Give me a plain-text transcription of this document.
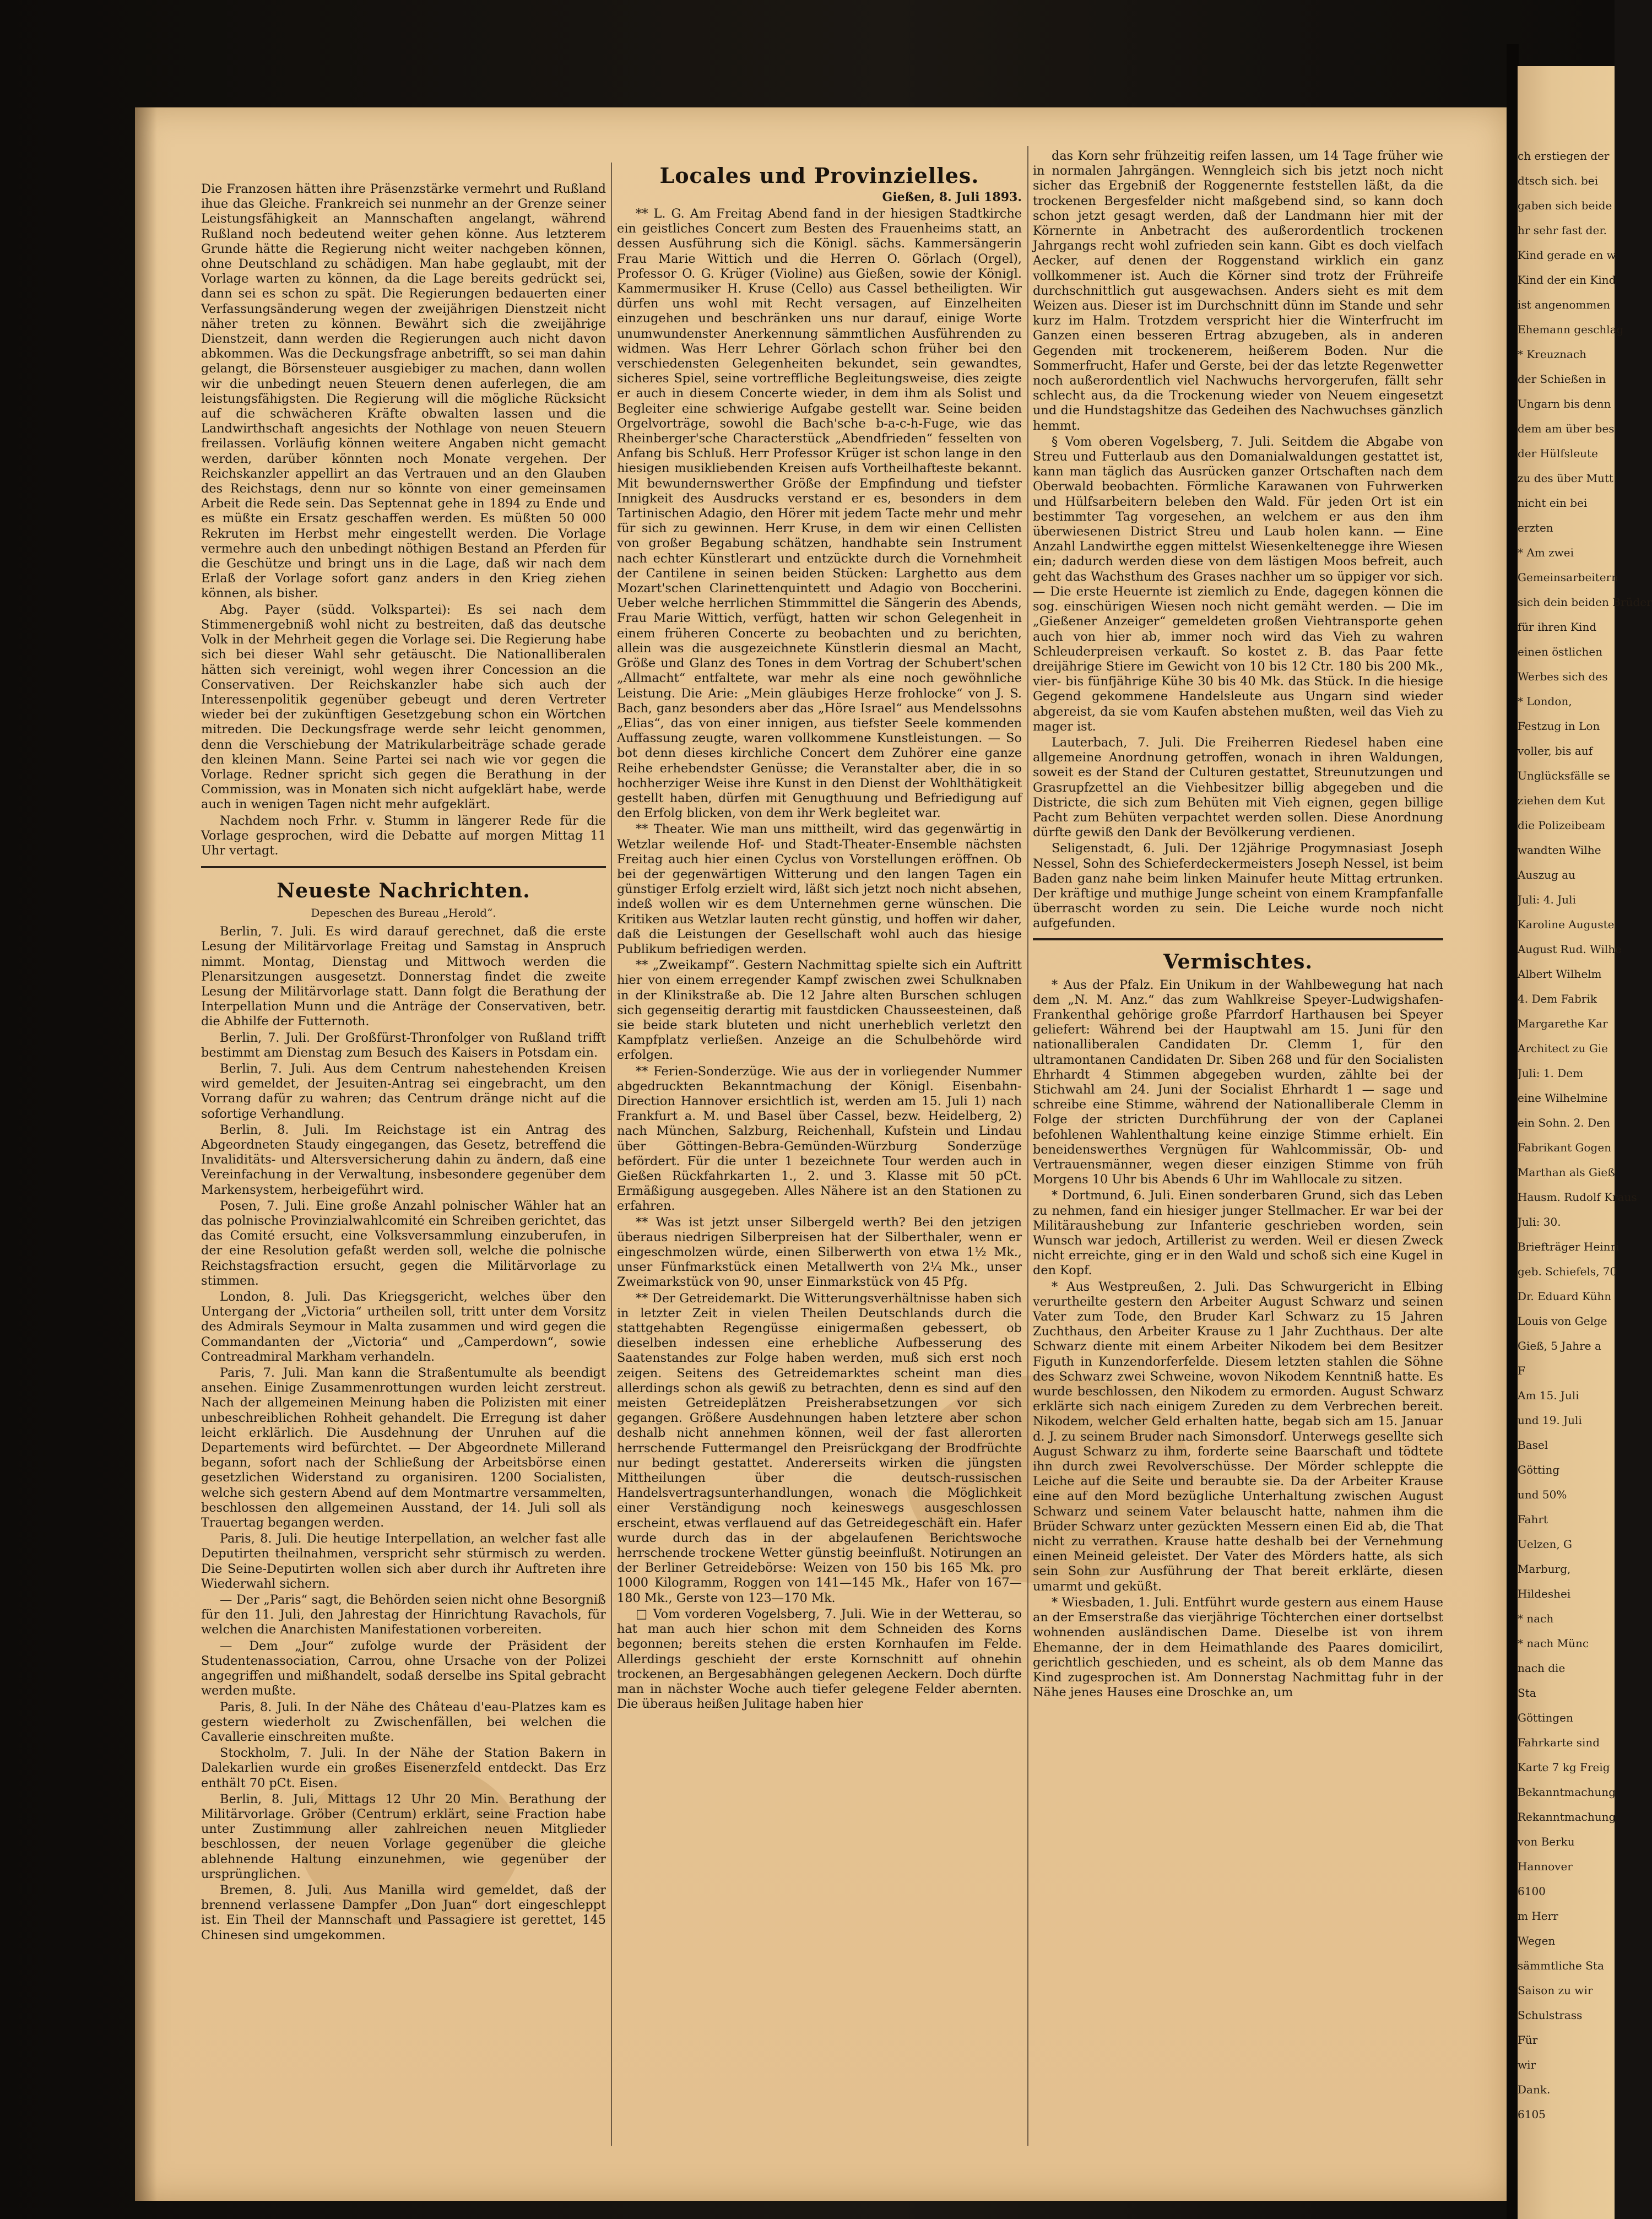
ch erstiegen der
dtsch sich. bei
gaben sich beide
hr sehr fast der.
Kind gerade en w
Kind der ein Kind
ist angenommen
Ehemann geschlag
* Kreuznach
der Schießen in
Ungarn bis denn
dem am über bes
der Hülfsleute
zu des über Mutt
nicht ein bei
erzten
* Am zwei
Gemeinsarbeitern
sich dein beiden Brüder
für ihren Kind
einen östlichen
Werbes sich des
* London,
Festzug in Lon
voller, bis auf
Unglücksfälle se
ziehen dem Kut
die Polizeibeam
wandten Wilhe
Auszug au
Juli: 4. Juli
Karoline Auguste
August Rud. Wilhe
Albert Wilhelm
4. Dem Fabrik
Margarethe Kar
Architect zu Gie
Juli: 1. Dem
eine Wilhelmine
ein Sohn. 2. Den
Fabrikant Gogen
Marthan als Gieß
Hausm. Rudolf Kraus
Juli: 30.
Briefträger Heinri
geb. Schiefels, 70
Dr. Eduard Kühn
Louis von Gelge
Gieß, 5 Jahre a
F
Am 15. Juli
und 19. Juli
Basel
Götting
und 50%
Fahrt
Uelzen, G
Marburg,
Hildeshei
* nach
* nach Münc
nach die
Sta
Göttingen
Fahrkarte sind
Karte 7 kg Freig
Bekanntmachung
Rekanntmachung
von Berku
Hannover
6100
m Herr
Wegen
sämmtliche Sta
Saison zu wir
Schulstrass
Für
wir
Dank.
6105

Die Franzosen hätten ihre Präsenzstärke vermehrt und Rußland ihue das Gleiche. Frankreich sei nunmehr an der Grenze seiner Leistungsfähigkeit an Mannschaften angelangt, während Rußland noch bedeutend weiter gehen könne. Aus letzterem Grunde hätte die Regierung nicht weiter nachgeben können, ohne Deutschland zu schädigen. Man habe geglaubt, mit der Vorlage warten zu können, da die Lage bereits gedrückt sei, dann sei es schon zu spät. Die Regierungen bedauerten einer Verfassungsänderung wegen der zweijährigen Dienstzeit nicht näher treten zu können. Bewährt sich die zweijährige Dienstzeit, dann werden die Regierungen auch nicht davon abkommen. Was die Deckungsfrage anbetrifft, so sei man dahin gelangt, die Börsensteuer ausgiebiger zu machen, dann wollen wir die unbedingt neuen Steuern denen auferlegen, die am leistungsfähigsten. Die Regierung will die mögliche Rücksicht auf die schwächeren Kräfte obwalten lassen und die Landwirthschaft angesichts der Nothlage von neuen Steuern freilassen. Vorläufig können weitere Angaben nicht gemacht werden, darüber könnten noch Monate vergehen. Der Reichskanzler appellirt an das Vertrauen und an den Glauben des Reichstags, denn nur so könnte von einer gemeinsamen Arbeit die Rede sein. Das Septennat gehe in 1894 zu Ende und es müßte ein Ersatz geschaffen werden. Es müßten 50 000 Rekruten im Herbst mehr eingestellt werden. Die Vorlage vermehre auch den unbedingt nöthigen Bestand an Pferden für die Geschütze und bringt uns in die Lage, daß wir nach dem Erlaß der Vorlage sofort ganz anders in den Krieg ziehen können, als bisher.

Abg. Payer (südd. Volkspartei): Es sei nach dem Stimmenergebniß wohl nicht zu bestreiten, daß das deutsche Volk in der Mehrheit gegen die Vorlage sei. Die Regierung habe sich bei dieser Wahl sehr getäuscht. Die Nationalliberalen hätten sich vereinigt, wohl wegen ihrer Concession an die Conservativen. Der Reichskanzler habe sich auch der Interessenpolitik gegenüber gebeugt und deren Vertreter wieder bei der zukünftigen Gesetzgebung schon ein Wörtchen mitreden. Die Deckungsfrage werde sehr leicht genommen, denn die Verschiebung der Matrikularbeiträge schade gerade den kleinen Mann. Seine Partei sei nach wie vor gegen die Vorlage. Redner spricht sich gegen die Berathung in der Commission, was in Monaten sich nicht aufgeklärt habe, werde auch in wenigen Tagen nicht mehr aufgeklärt.

Nachdem noch Frhr. v. Stumm in längerer Rede für die Vorlage gesprochen, wird die Debatte auf morgen Mittag 11 Uhr vertagt.

Neueste Nachrichten.
Depeschen des Bureau „Herold“.

Berlin, 7. Juli. Es wird darauf gerechnet, daß die erste Lesung der Militärvorlage Freitag und Samstag in Anspruch nimmt. Montag, Dienstag und Mittwoch werden die Plenarsitzungen ausgesetzt. Donnerstag findet die zweite Lesung der Militärvorlage statt. Dann folgt die Berathung der Interpellation Munn und die Anträge der Conservativen, betr. die Abhilfe der Futternoth.

Berlin, 7. Juli. Der Großfürst-Thronfolger von Rußland trifft bestimmt am Dienstag zum Besuch des Kaisers in Potsdam ein.

Berlin, 7. Juli. Aus dem Centrum nahestehenden Kreisen wird gemeldet, der Jesuiten-Antrag sei eingebracht, um den Vorrang dafür zu wahren; das Centrum dränge nicht auf die sofortige Verhandlung.

Berlin, 8. Juli. Im Reichstage ist ein Antrag des Abgeordneten Staudy eingegangen, das Gesetz, betreffend die Invaliditäts- und Altersversicherung dahin zu ändern, daß eine Vereinfachung in der Verwaltung, insbesondere gegenüber dem Markensystem, herbeigeführt wird.

Posen, 7. Juli. Eine große Anzahl polnischer Wähler hat an das polnische Provinzialwahlcomité ein Schreiben gerichtet, das das Comité ersucht, eine Volksversammlung einzuberufen, in der eine Resolution gefaßt werden soll, welche die polnische Reichstagsfraction ersucht, gegen die Militärvorlage zu stimmen.

London, 8. Juli. Das Kriegsgericht, welches über den Untergang der „Victoria“ urtheilen soll, tritt unter dem Vorsitz des Admirals Seymour in Malta zusammen und wird gegen die Commandanten der „Victoria“ und „Camperdown“, sowie Contreadmiral Markham verhandeln.

Paris, 7. Juli. Man kann die Straßentumulte als beendigt ansehen. Einige Zusammenrottungen wurden leicht zerstreut. Nach der allgemeinen Meinung haben die Polizisten mit einer unbeschreiblichen Rohheit gehandelt. Die Erregung ist daher leicht erklärlich. Die Ausdehnung der Unruhen auf die Departements wird befürchtet. — Der Abgeordnete Millerand begann, sofort nach der Schließung der Arbeitsbörse einen gesetzlichen Widerstand zu organisiren. 1200 Socialisten, welche sich gestern Abend auf dem Montmartre versammelten, beschlossen den allgemeinen Ausstand, der 14. Juli soll als Trauertag begangen werden.

Paris, 8. Juli. Die heutige Interpellation, an welcher fast alle Deputirten theilnahmen, verspricht sehr stürmisch zu werden. Die Seine-Deputirten wollen sich aber durch ihr Auftreten ihre Wiederwahl sichern.

— Der „Paris“ sagt, die Behörden seien nicht ohne Besorgniß für den 11. Juli, den Jahrestag der Hinrichtung Ravachols, für welchen die Anarchisten Manifestationen vorbereiten.

— Dem „Jour“ zufolge wurde der Präsident der Studentenassociation, Carrou, ohne Ursache von der Polizei angegriffen und mißhandelt, sodaß derselbe ins Spital gebracht werden mußte.

Paris, 8. Juli. In der Nähe des Château d'eau-Platzes kam es gestern wiederholt zu Zwischenfällen, bei welchen die Cavallerie einschreiten mußte.

Stockholm, 7. Juli. In der Nähe der Station Bakern in Dalekarlien wurde ein großes Eisenerzfeld entdeckt. Das Erz enthält 70 pCt. Eisen.

Berlin, 8. Juli, Mittags 12 Uhr 20 Min. Berathung der Militärvorlage. Gröber (Centrum) erklärt, seine Fraction habe unter Zustimmung aller zahlreichen neuen Mitglieder beschlossen, der neuen Vorlage gegenüber die gleiche ablehnende Haltung einzunehmen, wie gegenüber der ursprünglichen.

Bremen, 8. Juli. Aus Manilla wird gemeldet, daß der brennend verlassene Dampfer „Don Juan“ dort eingeschleppt ist. Ein Theil der Mannschaft und Passagiere ist gerettet, 145 Chinesen sind umgekommen.

Locales und Provinzielles.
Gießen, 8. Juli 1893.

** L. G. Am Freitag Abend fand in der hiesigen Stadtkirche ein geistliches Concert zum Besten des Frauenheims statt, an dessen Ausführung sich die Königl. sächs. Kammersängerin Frau Marie Wittich und die Herren O. Görlach (Orgel), Professor O. G. Krüger (Violine) aus Gießen, sowie der Königl. Kammermusiker H. Kruse (Cello) aus Cassel betheiligten. Wir dürfen uns wohl mit Recht versagen, auf Einzelheiten einzugehen und beschränken uns nur darauf, einige Worte unumwundenster Anerkennung sämmtlichen Ausführenden zu widmen. Was Herr Lehrer Görlach schon früher bei den verschiedensten Gelegenheiten bekundet, sein gewandtes, sicheres Spiel, seine vortreffliche Begleitungsweise, dies zeigte er auch in diesem Concerte wieder, in dem ihm als Solist und Begleiter eine schwierige Aufgabe gestellt war. Seine beiden Orgelvorträge, sowohl die Bach'sche b-a-c-h-Fuge, wie das Rheinberger'sche Characterstück „Abendfrieden“ fesselten von Anfang bis Schluß. Herr Professor Krüger ist schon lange in den hiesigen musikliebenden Kreisen aufs Vortheilhafteste bekannt. Mit bewundernswerther Größe der Empfindung und tiefster Innigkeit des Ausdrucks verstand er es, besonders in dem Tartinischen Adagio, den Hörer mit jedem Tacte mehr und mehr für sich zu gewinnen. Herr Kruse, in dem wir einen Cellisten von großer Begabung schätzen, handhabte sein Instrument nach echter Künstlerart und entzückte durch die Vornehmheit der Cantilene in seinen beiden Stücken: Larghetto aus dem Mozart'schen Clarinettenquintett und Adagio von Boccherini. Ueber welche herrlichen Stimmmittel die Sängerin des Abends, Frau Marie Wittich, verfügt, hatten wir schon Gelegenheit in einem früheren Concerte zu beobachten und zu berichten, allein was die ausgezeichnete Künstlerin diesmal an Macht, Größe und Glanz des Tones in dem Vortrag der Schubert'schen „Allmacht“ entfaltete, war mehr als eine noch gewöhnliche Leistung. Die Arie: „Mein gläubiges Herze frohlocke“ von J. S. Bach, ganz besonders aber das „Höre Israel“ aus Mendelssohns „Elias“, das von einer innigen, aus tiefster Seele kommenden Auffassung zeugte, waren vollkommene Kunstleistungen. — So bot denn dieses kirchliche Concert dem Zuhörer eine ganze Reihe erhebendster Genüsse; die Veranstalter aber, die in so hochherziger Weise ihre Kunst in den Dienst der Wohlthätigkeit gestellt haben, dürfen mit Genugthuung und Befriedigung auf den Erfolg blicken, von dem ihr Werk begleitet war.

** Theater. Wie man uns mittheilt, wird das gegenwärtig in Wetzlar weilende Hof- und Stadt-Theater-Ensemble nächsten Freitag auch hier einen Cyclus von Vorstellungen eröffnen. Ob bei der gegenwärtigen Witterung und den langen Tagen ein günstiger Erfolg erzielt wird, läßt sich jetzt noch nicht absehen, indeß wollen wir es dem Unternehmen gerne wünschen. Die Kritiken aus Wetzlar lauten recht günstig, und hoffen wir daher, daß die Leistungen der Gesellschaft wohl auch das hiesige Publikum befriedigen werden.

** „Zweikampf“. Gestern Nachmittag spielte sich ein Auftritt hier von einem erregender Kampf zwischen zwei Schulknaben in der Klinikstraße ab. Die 12 Jahre alten Burschen schlugen sich gegenseitig derartig mit faustdicken Chausseesteinen, daß sie beide stark bluteten und nicht unerheblich verletzt den Kampfplatz verließen. Anzeige an die Schulbehörde wird erfolgen.

** Ferien-Sonderzüge. Wie aus der in vorliegender Nummer abgedruckten Bekanntmachung der Königl. Eisenbahn-Direction Hannover ersichtlich ist, werden am 15. Juli 1) nach Frankfurt a. M. und Basel über Cassel, bezw. Heidelberg, 2) nach München, Salzburg, Reichenhall, Kufstein und Lindau über Göttingen-Bebra-Gemünden-Würzburg Sonderzüge befördert. Für die unter 1 bezeichnete Tour werden auch in Gießen Rückfahrkarten 1., 2. und 3. Klasse mit 50 pCt. Ermäßigung ausgegeben. Alles Nähere ist an den Stationen zu erfahren.

** Was ist jetzt unser Silbergeld werth? Bei den jetzigen überaus niedrigen Silberpreisen hat der Silberthaler, wenn er eingeschmolzen würde, einen Silberwerth von etwa 1½ Mk., unser Fünfmarkstück einen Metallwerth von 2¼ Mk., unser Zweimarkstück von 90, unser Einmarkstück von 45 Pfg.

** Der Getreidemarkt. Die Witterungsverhältnisse haben sich in letzter Zeit in vielen Theilen Deutschlands durch die stattgehabten Regengüsse einigermaßen gebessert, ob dieselben indessen eine erhebliche Aufbesserung des Saatenstandes zur Folge haben werden, muß sich erst noch zeigen. Seitens des Getreidemarktes scheint man dies allerdings schon als gewiß zu betrachten, denn es sind auf den meisten Getreideplätzen Preisherabsetzungen vor sich gegangen. Größere Ausdehnungen haben letztere aber schon deshalb nicht annehmen können, weil der fast allerorten herrschende Futtermangel den Preisrückgang der Brodfrüchte nur bedingt gestattet. Andererseits wirken die jüngsten Mittheilungen über die deutsch-russischen Handelsvertragsunterhandlungen, wonach die Möglichkeit einer Verständigung noch keineswegs ausgeschlossen erscheint, etwas verflauend auf das Getreidegeschäft ein. Hafer wurde durch das in der abgelaufenen Berichtswoche herrschende trockene Wetter günstig beeinflußt. Notirungen an der Berliner Getreidebörse: Weizen von 150 bis 165 Mk. pro 1000 Kilogramm, Roggen von 141—145 Mk., Hafer von 167—180 Mk., Gerste von 123—170 Mk.

□ Vom vorderen Vogelsberg, 7. Juli. Wie in der Wetterau, so hat man auch hier schon mit dem Schneiden des Korns begonnen; bereits stehen die ersten Kornhaufen im Felde. Allerdings geschieht der erste Kornschnitt auf ohnehin trockenen, an Bergesabhängen gelegenen Aeckern. Doch dürfte man in nächster Woche auch tiefer gelegene Felder abernten. Die überaus heißen Julitage haben hier

das Korn sehr frühzeitig reifen lassen, um 14 Tage früher wie in normalen Jahrgängen. Wenngleich sich bis jetzt noch nicht sicher das Ergebniß der Roggenernte feststellen läßt, da die trockenen Bergesfelder nicht maßgebend sind, so kann doch schon jetzt gesagt werden, daß der Landmann hier mit der Körnernte in Anbetracht des außerordentlich trockenen Jahrgangs recht wohl zufrieden sein kann. Gibt es doch vielfach Aecker, auf denen der Roggenstand wirklich ein ganz vollkommener ist. Auch die Körner sind trotz der Frühreife durchschnittlich gut ausgewachsen. Anders sieht es mit dem Weizen aus. Dieser ist im Durchschnitt dünn im Stande und sehr kurz im Halm. Trotzdem verspricht hier die Winterfrucht im Ganzen einen besseren Ertrag abzugeben, als in anderen Gegenden mit trockenerem, heißerem Boden. Nur die Sommerfrucht, Hafer und Gerste, bei der das letzte Regenwetter noch außerordentlich viel Nachwuchs hervorgerufen, fällt sehr schlecht aus, da die Trockenung wieder von Neuem eingesetzt und die Hundstagshitze das Gedeihen des Nachwuchses gänzlich hemmt.

§ Vom oberen Vogelsberg, 7. Juli. Seitdem die Abgabe von Streu und Futterlaub aus den Domanialwaldungen gestattet ist, kann man täglich das Ausrücken ganzer Ortschaften nach dem Oberwald beobachten. Förmliche Karawanen von Fuhrwerken und Hülfsarbeitern beleben den Wald. Für jeden Ort ist ein bestimmter Tag vorgesehen, an welchem er aus den ihm überwiesenen District Streu und Laub holen kann. — Eine Anzahl Landwirthe eggen mittelst Wiesenkeltenegge ihre Wiesen ein; dadurch werden diese von dem lästigen Moos befreit, auch geht das Wachsthum des Grases nachher um so üppiger vor sich. — Die erste Heuernte ist ziemlich zu Ende, dagegen können die sog. einschürigen Wiesen noch nicht gemäht werden. — Die im „Gießener Anzeiger“ gemeldeten großen Viehtransporte gehen auch von hier ab, immer noch wird das Vieh zu wahren Schleuderpreisen verkauft. So kostet z. B. das Paar fette dreijährige Stiere im Gewicht von 10 bis 12 Ctr. 180 bis 200 Mk., vier- bis fünfjährige Kühe 30 bis 40 Mk. das Stück. In die hiesige Gegend gekommene Handelsleute aus Ungarn sind wieder abgereist, da sie vom Kaufen abstehen mußten, weil das Vieh zu mager ist.

Lauterbach, 7. Juli. Die Freiherren Riedesel haben eine allgemeine Anordnung getroffen, wonach in ihren Waldungen, soweit es der Stand der Culturen gestattet, Streunutzungen und Grasrupfzettel an die Viehbesitzer billig abgegeben und die Districte, die sich zum Behüten mit Vieh eignen, gegen billige Pacht zum Behüten verpachtet werden sollen. Diese Anordnung dürfte gewiß den Dank der Bevölkerung verdienen.

Seligenstadt, 6. Juli. Der 12jährige Progymnasiast Joseph Nessel, Sohn des Schieferdeckermeisters Joseph Nessel, ist beim Baden ganz nahe beim linken Mainufer heute Mittag ertrunken. Der kräftige und muthige Junge scheint von einem Krampfanfalle überrascht worden zu sein. Die Leiche wurde noch nicht aufgefunden.

Vermischtes.

* Aus der Pfalz. Ein Unikum in der Wahlbewegung hat nach dem „N. M. Anz.“ das zum Wahlkreise Speyer-Ludwigshafen-Frankenthal gehörige große Pfarrdorf Harthausen bei Speyer geliefert: Während bei der Hauptwahl am 15. Juni für den nationalliberalen Candidaten Dr. Clemm 1, für den ultramontanen Candidaten Dr. Siben 268 und für den Socialisten Ehrhardt 4 Stimmen abgegeben wurden, zählte bei der Stichwahl am 24. Juni der Socialist Ehrhardt 1 — sage und schreibe eine Stimme, während der Nationalliberale Clemm in Folge der stricten Durchführung der von der Caplanei befohlenen Wahlenthaltung keine einzige Stimme erhielt. Ein beneidenswerthes Vergnügen für Wahlcommissär, Ob- und Vertrauensmänner, wegen dieser einzigen Stimme von früh Morgens 10 Uhr bis Abends 6 Uhr im Wahllocale zu sitzen.

* Dortmund, 6. Juli. Einen sonderbaren Grund, sich das Leben zu nehmen, fand ein hiesiger junger Stellmacher. Er war bei der Militäraushebung zur Infanterie geschrieben worden, sein Wunsch war jedoch, Artillerist zu werden. Weil er diesen Zweck nicht erreichte, ging er in den Wald und schoß sich eine Kugel in den Kopf.

* Aus Westpreußen, 2. Juli. Das Schwurgericht in Elbing verurtheilte gestern den Arbeiter August Schwarz und seinen Vater zum Tode, den Bruder Karl Schwarz zu 15 Jahren Zuchthaus, den Arbeiter Krause zu 1 Jahr Zuchthaus. Der alte Schwarz diente mit einem Arbeiter Nikodem bei dem Besitzer Figuth in Kunzendorferfelde. Diesem letzten stahlen die Söhne des Schwarz zwei Schweine, wovon Nikodem Kenntniß hatte. Es wurde beschlossen, den Nikodem zu ermorden. August Schwarz erklärte sich nach einigem Zureden zu dem Verbrechen bereit. Nikodem, welcher Geld erhalten hatte, begab sich am 15. Januar d. J. zu seinem Bruder nach Simonsdorf. Unterwegs gesellte sich August Schwarz zu ihm, forderte seine Baarschaft und tödtete ihn durch zwei Revolverschüsse. Der Mörder schleppte die Leiche auf die Seite und beraubte sie. Da der Arbeiter Krause eine auf den Mord bezügliche Unterhaltung zwischen August Schwarz und seinem Vater belauscht hatte, nahmen ihm die Brüder Schwarz unter gezückten Messern einen Eid ab, die That nicht zu verrathen. Krause hatte deshalb bei der Vernehmung einen Meineid geleistet. Der Vater des Mörders hatte, als sich sein Sohn zur Ausführung der That bereit erklärte, diesen umarmt und geküßt.

* Wiesbaden, 1. Juli. Entführt wurde gestern aus einem Hause an der Emserstraße das vierjährige Töchterchen einer dortselbst wohnenden ausländischen Dame. Dieselbe ist von ihrem Ehemanne, der in dem Heimathlande des Paares domicilirt, gerichtlich geschieden, und es scheint, als ob dem Manne das Kind zugesprochen ist. Am Donnerstag Nachmittag fuhr in der Nähe jenes Hauses eine Droschke an, um
